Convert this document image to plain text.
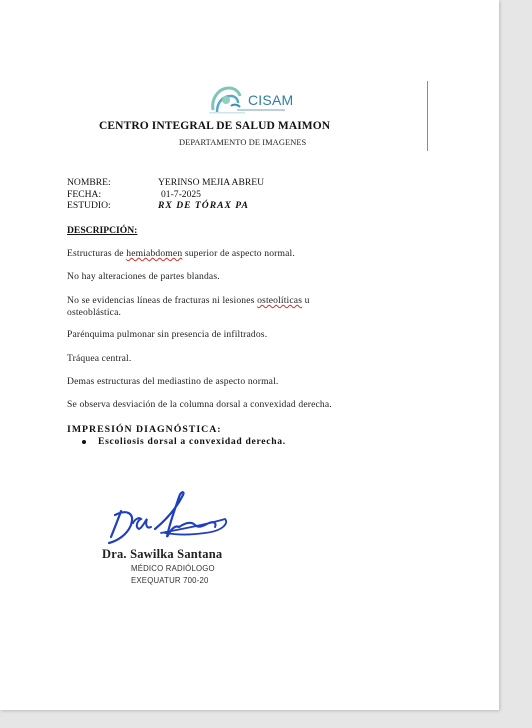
CISAM
CENTRO INTEGRAL DE SALUD MAIMON
DEPARTAMENTO DE IMAGENES
NOMBRE:	YERINSO MEJIA ABREU
FECHA:	01-7-2025
ESTUDIO:	RX DE TÓRAX PA
DESCRIPCIÓN:
Estructuras de hemiabdomen superior de aspecto normal.
No hay alteraciones de partes blandas.
No se evidencias líneas de fracturas ni lesiones osteolíticas u
osteoblástica.
Parénquima pulmonar sin presencia de infiltrados.
Tráquea central.
Demas estructuras del mediastino de aspecto normal.
Se observa desviación de la columna dorsal a convexidad derecha.
IMPRESIÓN DIAGNÓSTICA:
Escoliosis dorsal a convexidad derecha.
Dra. Sawilka Santana
MÉDICO RADIÓLOGO
EXEQUATUR 700-20
